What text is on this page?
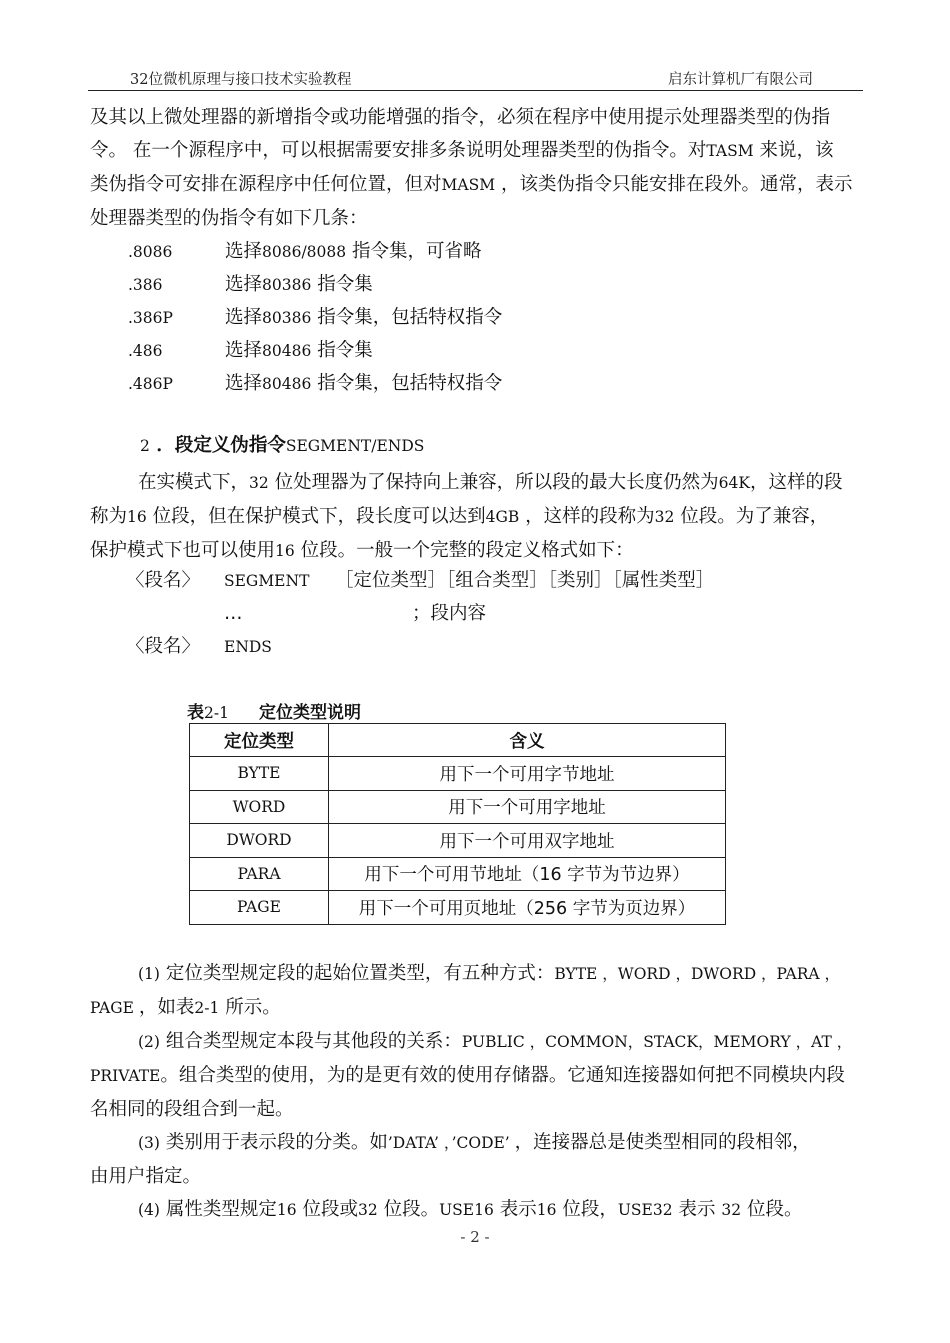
32位微机原理与接口技术实验教程	启东计算机厂有限公司
及其以上微处理器的新增指令或功能增强的指令，必须在程序中使用提示处理器类型的伪指
令。 在一个源程序中，可以根据需要安排多条说明处理器类型的伪指令。对TASM 来说，该
类伪指令可安排在源程序中任何位置，但对MASM ，该类伪指令只能安排在段外。通常，表示
处理器类型的伪指令有如下几条：
.8086	选择8086/8088 指令集，可省略
.386	选择80386 指令集
.386P	选择80386 指令集，包括特权指令
.486	选择80486 指令集
.486P	选择80486 指令集，包括特权指令
2 ．段定义伪指令SEGMENT/ENDS
在实模式下，32 位处理器为了保持向上兼容，所以段的最大长度仍然为64K，这样的段
称为16 位段，但在保护模式下，段长度可以达到4GB ，这样的段称为32 位段。为了兼容，
保护模式下也可以使用16 位段。一般一个完整的段定义格式如下：
〈段名〉 SEGMENT ［定位类型］［组合类型］［类别］［属性类型］
…	；段内容
〈段名〉 ENDS
表2-1 定位类型说明
定位类型	含义
BYTE	用下一个可用字节地址
WORD	用下一个可用字地址
DWORD	用下一个可用双字地址
PARA	用下一个可用节地址（16 字节为节边界）
PAGE	用下一个可用页地址（256 字节为页边界）
(1) 定位类型规定段的起始位置类型，有五种方式：BYTE ，WORD ，DWORD ，PARA ，
PAGE ，如表2-1 所示。
(2) 组合类型规定本段与其他段的关系：PUBLIC ，COMMON，STACK，MEMORY ，AT ，
PRIVATE。组合类型的使用，为的是更有效的使用存储器。它通知连接器如何把不同模块内段
名相同的段组合到一起。
(3) 类别用于表示段的分类。如’DATA’ ，’CODE’ ，连接器总是使类型相同的段相邻，
由用户指定。
(4) 属性类型规定16 位段或32 位段。USE16 表示16 位段，USE32 表示 32 位段。
- 2 -
